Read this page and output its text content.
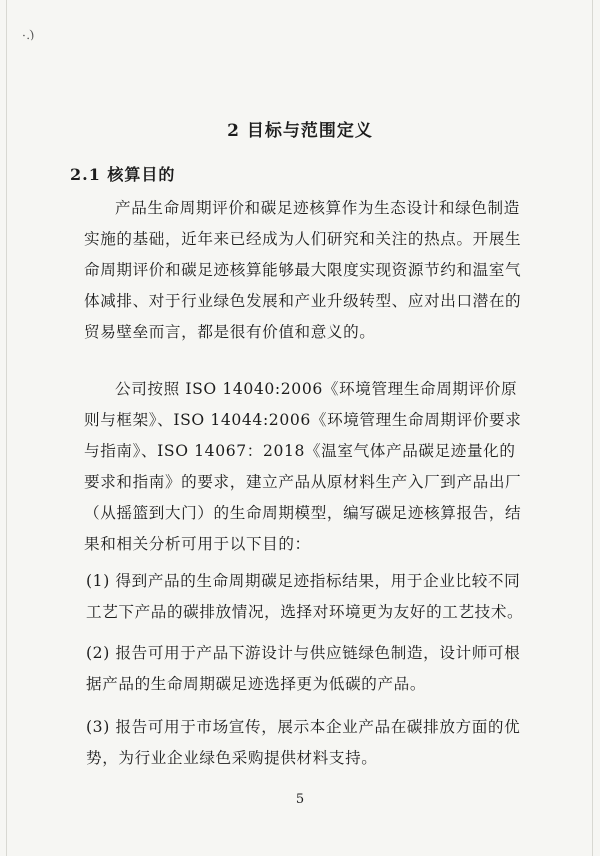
·.)
2 目标与范围定义
2.1 核算目的

产品生命周期评价和碳足迹核算作为生态设计和绿色制造实施的基础，近年来已经成为人们研究和关注的热点。开展生命周期评价和碳足迹核算能够最大限度实现资源节约和温室气体减排、对于行业绿色发展和产业升级转型、应对出口潜在的贸易壁垒而言，都是很有价值和意义的。

公司按照 ISO 14040:2006《环境管理生命周期评价原则与框架》、ISO 14044:2006《环境管理生命周期评价要求与指南》、ISO 14067：2018《温室气体产品碳足迹量化的要求和指南》的要求，建立产品从原材料生产入厂到产品出厂（从摇篮到大门）的生命周期模型，编写碳足迹核算报告，结果和相关分析可用于以下目的：

(1) 得到产品的生命周期碳足迹指标结果，用于企业比较不同工艺下产品的碳排放情况，选择对环境更为友好的工艺技术。

(2) 报告可用于产品下游设计与供应链绿色制造，设计师可根据产品的生命周期碳足迹选择更为低碳的产品。

(3) 报告可用于市场宣传，展示本企业产品在碳排放方面的优势，为行业企业绿色采购提供材料支持。

5
